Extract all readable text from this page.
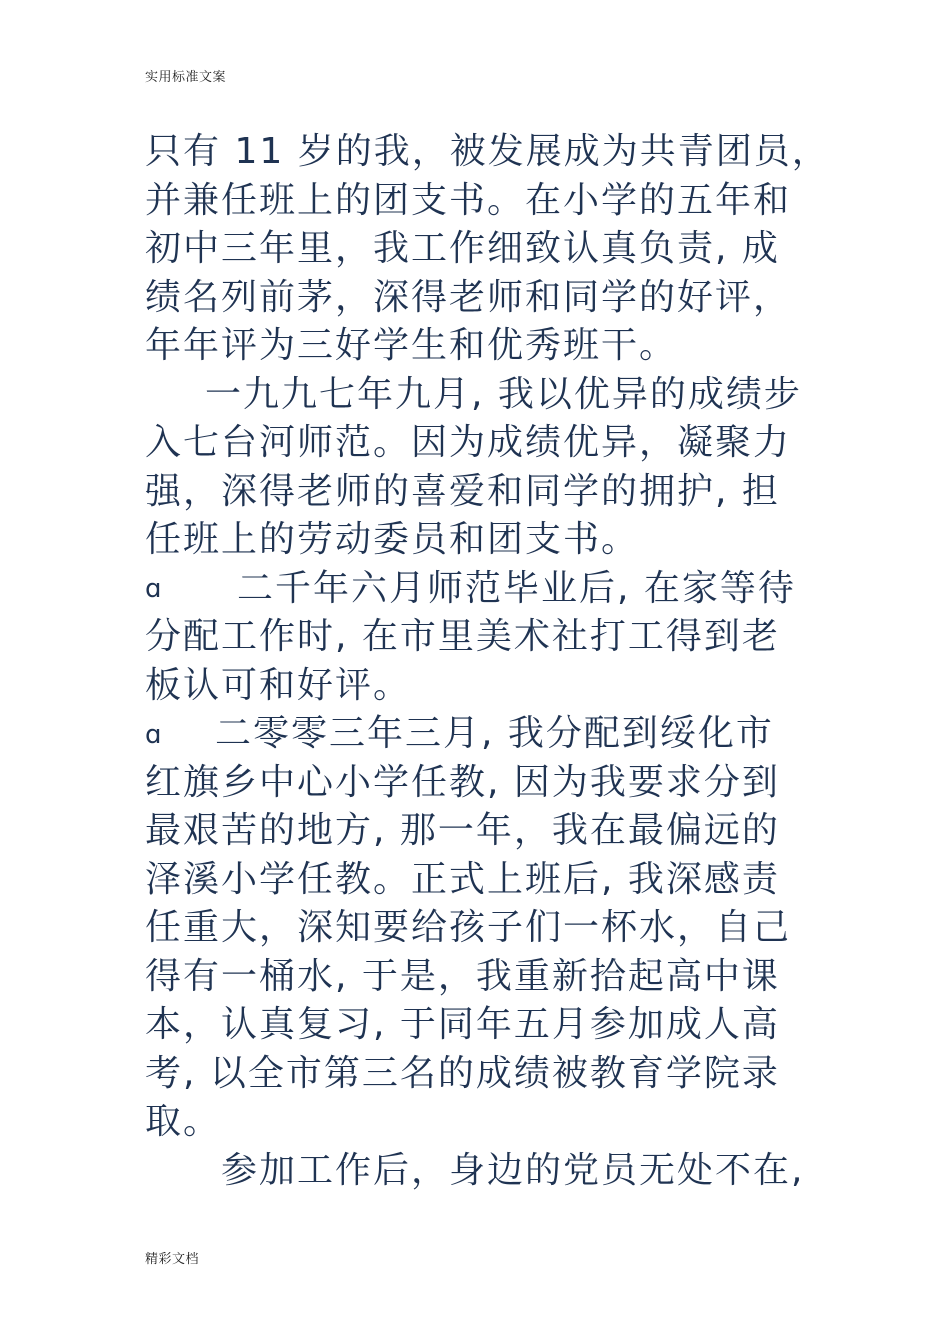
实用标准文案
只有 11 岁的我，被发展成为共青团员，
并兼任班上的团支书。在小学的五年和
初中三年里，我工作细致认真负责, 成
绩名列前茅，深得老师和同学的好评，
年年评为三好学生和优秀班干。
一九九七年九月, 我以优异的成绩步
入七台河师范。因为成绩优异，凝聚力
强，深得老师的喜爱和同学的拥护, 担
任班上的劳动委员和团支书。
ɑ 二千年六月师范毕业后, 在家等待
分配工作时, 在市里美术社打工得到老
板认可和好评。
ɑ 二零零三年三月, 我分配到绥化市
红旗乡中心小学任教, 因为我要求分到
最艰苦的地方, 那一年，我在最偏远的
泽溪小学任教。正式上班后, 我深感责
任重大，深知要给孩子们一杯水，自己
得有一桶水, 于是，我重新拾起高中课
本，认真复习, 于同年五月参加成人高
考, 以全市第三名的成绩被教育学院录
取。
参加工作后，身边的党员无处不在,
精彩文档
